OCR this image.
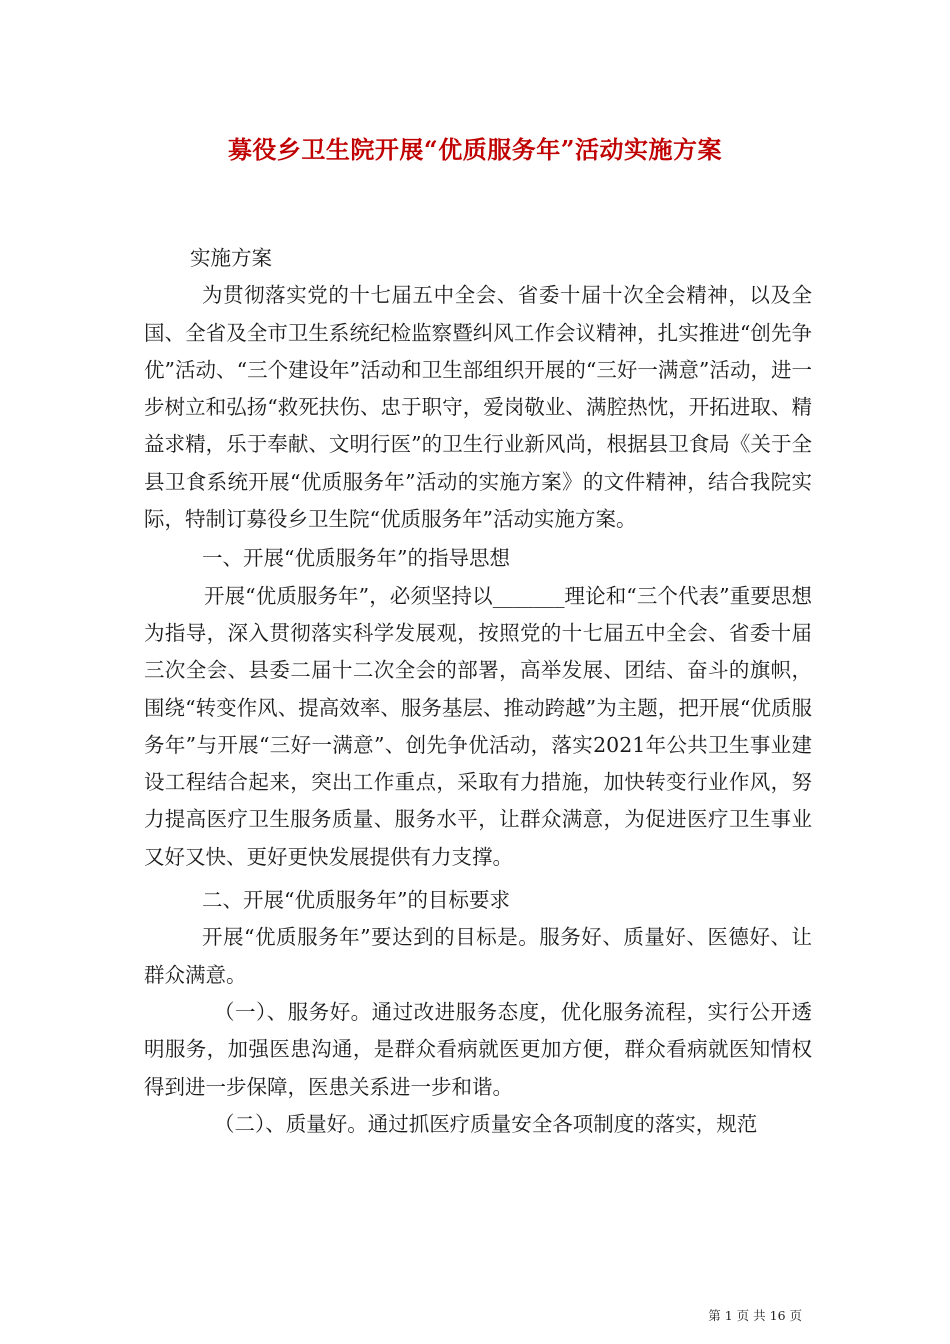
募役乡卫生院开展“优质服务年”活动实施方案

实施方案

为贯彻落实党的十七届五中全会、省委十届十次全会精神，以及全国、全省及全市卫生系统纪检监察暨纠风工作会议精神，扎实推进“创先争优”活动、“三个建设年”活动和卫生部组织开展的“三好一满意”活动，进一步树立和弘扬“救死扶伤、忠于职守，爱岗敬业、满腔热忱，开拓进取、精益求精，乐于奉献、文明行医”的卫生行业新风尚，根据县卫食局《关于全县卫食系统开展“优质服务年”活动的实施方案》的文件精神，结合我院实际，特制订募役乡卫生院“优质服务年”活动实施方案。

一、开展“优质服务年”的指导思想

开展“优质服务年”，必须坚持以_______理论和“三个代表”重要思想为指导，深入贯彻落实科学发展观，按照党的十七届五中全会、省委十届三次全会、县委二届十二次全会的部署，高举发展、团结、奋斗的旗帜，围绕“转变作风、提高效率、服务基层、推动跨越”为主题，把开展“优质服务年”与开展“三好一满意”、创先争优活动，落实2021年公共卫生事业建设工程结合起来，突出工作重点，采取有力措施，加快转变行业作风，努力提高医疗卫生服务质量、服务水平，让群众满意，为促进医疗卫生事业又好又快、更好更快发展提供有力支撑。

二、开展“优质服务年”的目标要求

开展“优质服务年”要达到的目标是。服务好、质量好、医德好、让群众满意。

（一）、服务好。通过改进服务态度，优化服务流程，实行公开透明服务，加强医患沟通，是群众看病就医更加方便，群众看病就医知情权得到进一步保障，医患关系进一步和谐。

（二）、质量好。通过抓医疗质量安全各项制度的落实，规范

第 1 页 共 16 页
